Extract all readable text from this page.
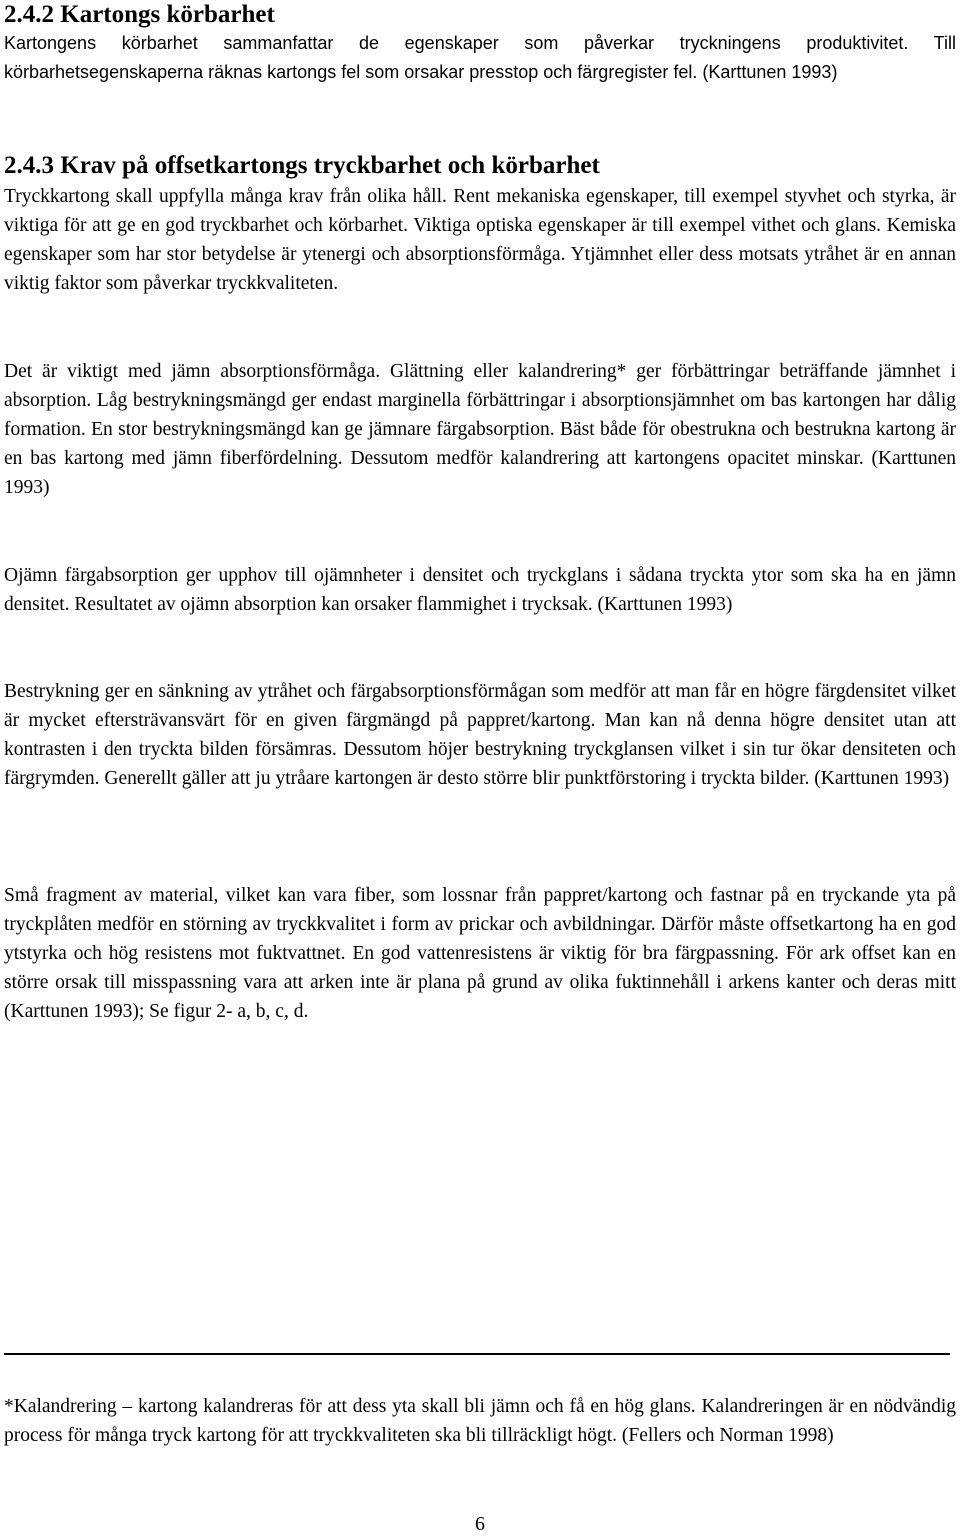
2.4.2 Kartongs körbarhet

Kartongens körbarhet sammanfattar de egenskaper som påverkar tryckningens produktivitet. Till körbarhetsegenskaperna räknas kartongs fel som orsakar presstop och färgregister fel. (Karttunen 1993)

2.4.3 Krav på offsetkartongs tryckbarhet och körbarhet

Tryckkartong skall uppfylla många krav från olika håll. Rent mekaniska egenskaper, till exempel styvhet och styrka, är viktiga för att ge en god tryckbarhet och körbarhet. Viktiga optiska egenskaper är till exempel vithet och glans. Kemiska egenskaper som har stor betydelse är ytenergi och absorptionsförmåga. Ytjämnhet eller dess motsats ytråhet är en annan viktig faktor som påverkar tryckkvaliteten.

Det är viktigt med jämn absorptionsförmåga. Glättning eller kalandrering* ger förbättringar beträffande jämnhet i absorption. Låg bestrykningsmängd ger endast marginella förbättringar i absorptionsjämnhet om bas kartongen har dålig formation. En stor bestrykningsmängd kan ge jämnare färgabsorption. Bäst både för obestrukna och bestrukna kartong är en bas kartong med jämn fiberfördelning. Dessutom medför kalandrering att kartongens opacitet minskar. (Karttunen 1993)

Ojämn färgabsorption ger upphov till ojämnheter i densitet och tryckglans i sådana tryckta ytor som ska ha en jämn densitet. Resultatet av ojämn absorption kan orsaker flammighet i trycksak. (Karttunen 1993)

Bestrykning ger en sänkning av ytråhet och färgabsorptionsförmågan som medför att man får en högre färgdensitet vilket är mycket eftersträvansvärt för en given färgmängd på pappret/kartong. Man kan nå denna högre densitet utan att kontrasten i den tryckta bilden försämras. Dessutom höjer bestrykning tryckglansen vilket i sin tur ökar densiteten och färgrymden. Generellt gäller att ju ytråare kartongen är desto större blir punktförstoring i tryckta bilder. (Karttunen 1993)

Små fragment av material, vilket kan vara fiber, som lossnar från pappret/kartong och fastnar på en tryckande yta på tryckplåten medför en störning av tryckkvalitet i form av prickar och avbildningar. Därför måste offsetkartong ha en god ytstyrka och hög resistens mot fuktvattnet. En god vattenresistens är viktig för bra färgpassning. För ark offset kan en större orsak till misspassning vara att arken inte är plana på grund av olika fuktinnehåll i arkens kanter och deras mitt (Karttunen 1993); Se figur 2- a, b, c, d.

*Kalandrering – kartong kalandreras för att dess yta skall bli jämn och få en hög glans. Kalandreringen är en nödvändig process för många tryck kartong för att tryckkvaliteten ska bli tillräckligt högt. (Fellers och Norman 1998)

6
